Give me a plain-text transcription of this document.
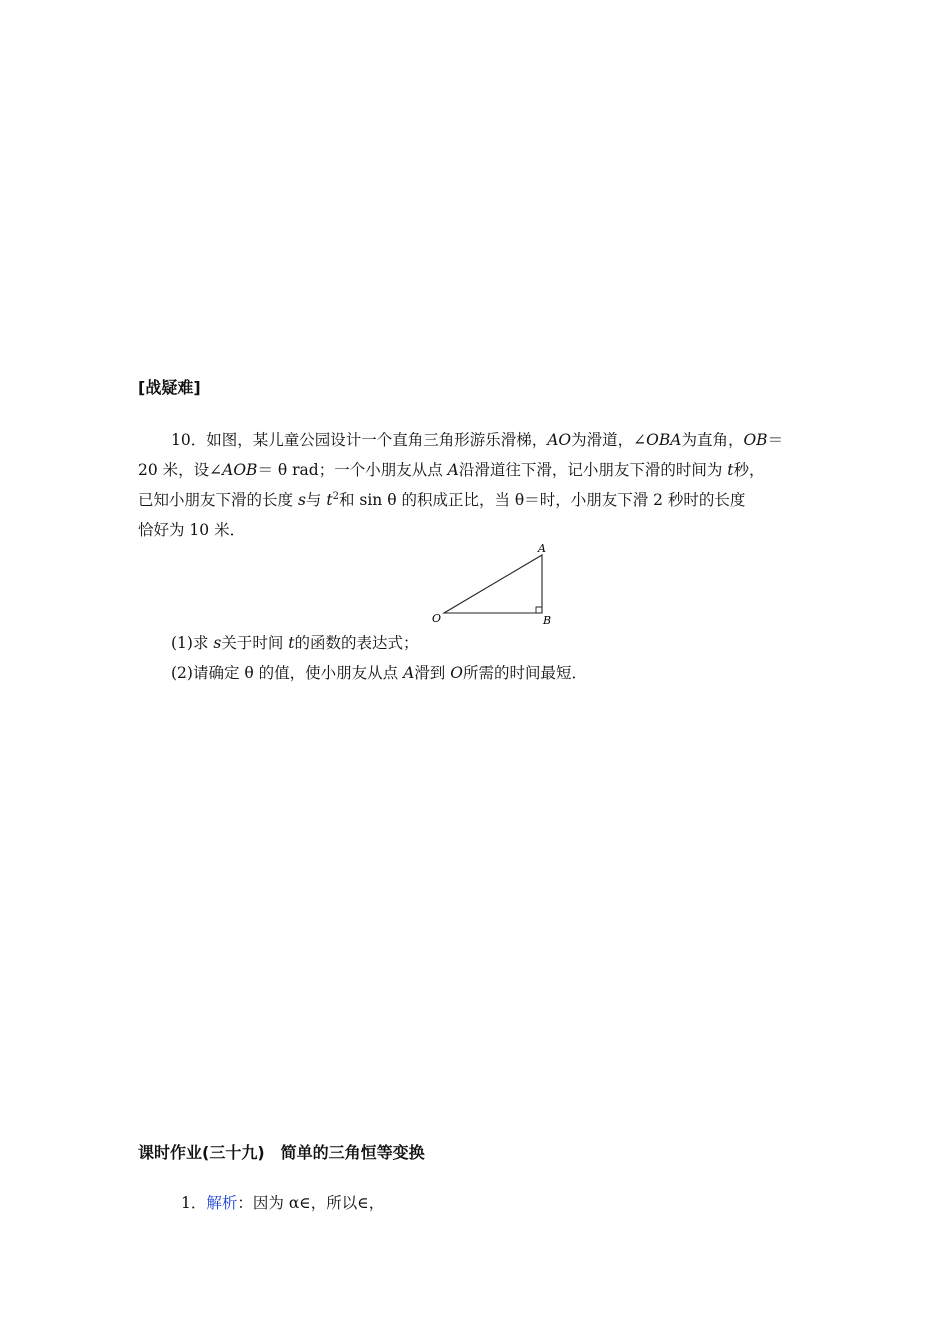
[战疑难]
10．如图，某儿童公园设计一个直角三角形游乐滑梯，AO为滑道，∠OBA为直角，OB＝
20 米，设∠AOB＝ θ rad；一个小朋友从点 A沿滑道往下滑，记小朋友下滑的时间为 t秒，
已知小朋友下滑的长度 s与 $t^2$和 sin θ 的积成正比，当 θ＝时，小朋友下滑 2 秒时的长度
恰好为 10 米．
A
O	B
(1)求 s关于时间 t的函数的表达式；
(2)请确定 θ 的值，使小朋友从点 A滑到 O所需的时间最短．
课时作业(三十九)　简单的三角恒等变换
1．解析：因为 α∈，所以∈，
